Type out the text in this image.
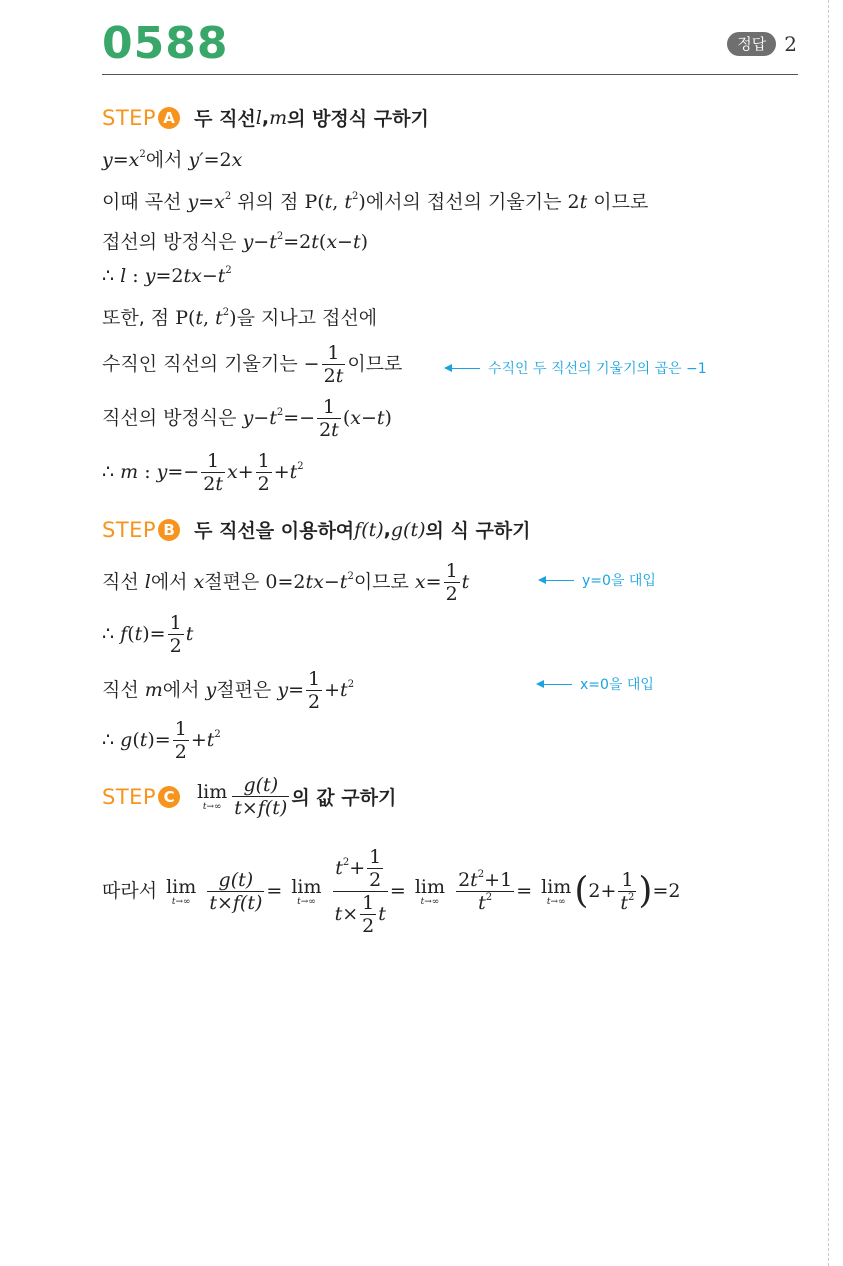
0588	정답 2
STEP A 두 직선 l , m 의 방정식 구하기
$y=x^2$에서 y′=2x
이때 곡선 $y=x^2$ 위의 점 P(t, $t^2$)에서의 접선의 기울기는 2t 이므로
접선의 방정식은 $y-t^2=2t(x-t)$
∴ l : $y=2tx-t^2$
또한, 점 P(t, $t^2$)을 지나고 접선에
수직인 직선의 기울기는 − $\frac{1}{2t}$ 이므로	수직인 두 직선의 기울기의 곱은 −1
직선의 방정식은 $y-t^2=- \frac{1}{2t} (x-t)$
∴ m : $y=- \frac{1}{2t} x+ \frac{1}{2} +t^2$
STEP B 두 직선을 이용하여 f(t) , g(t) 의 식 구하기
직선 l에서 x절편은 $0=2tx-t^2$이므로 $x= \frac{1}{2}$ t	y=0을 대입
∴ $f(t)= \frac{1}{2}$ t
직선 m에서 y절편은 $y= \frac{1}{2} +t^2$	x=0을 대입
∴ $g(t)= \frac{1}{2} +t^2$
STEP C lim
$t\to\infty \frac{g(t)}{t\times f(t)}$ 의 값 구하기
따라서 lim
t→∞
$\frac{g(t)}{t\times f(t)} = \lim$
t→∞
$\frac{t^2+ \frac{1}{2}}{t\times \frac{1}{2} t} = \lim$
t→∞
$\frac{2t^2+1}{t^2} = \lim$
t→∞ $(2+ \frac{1}{t^2} )=2$
